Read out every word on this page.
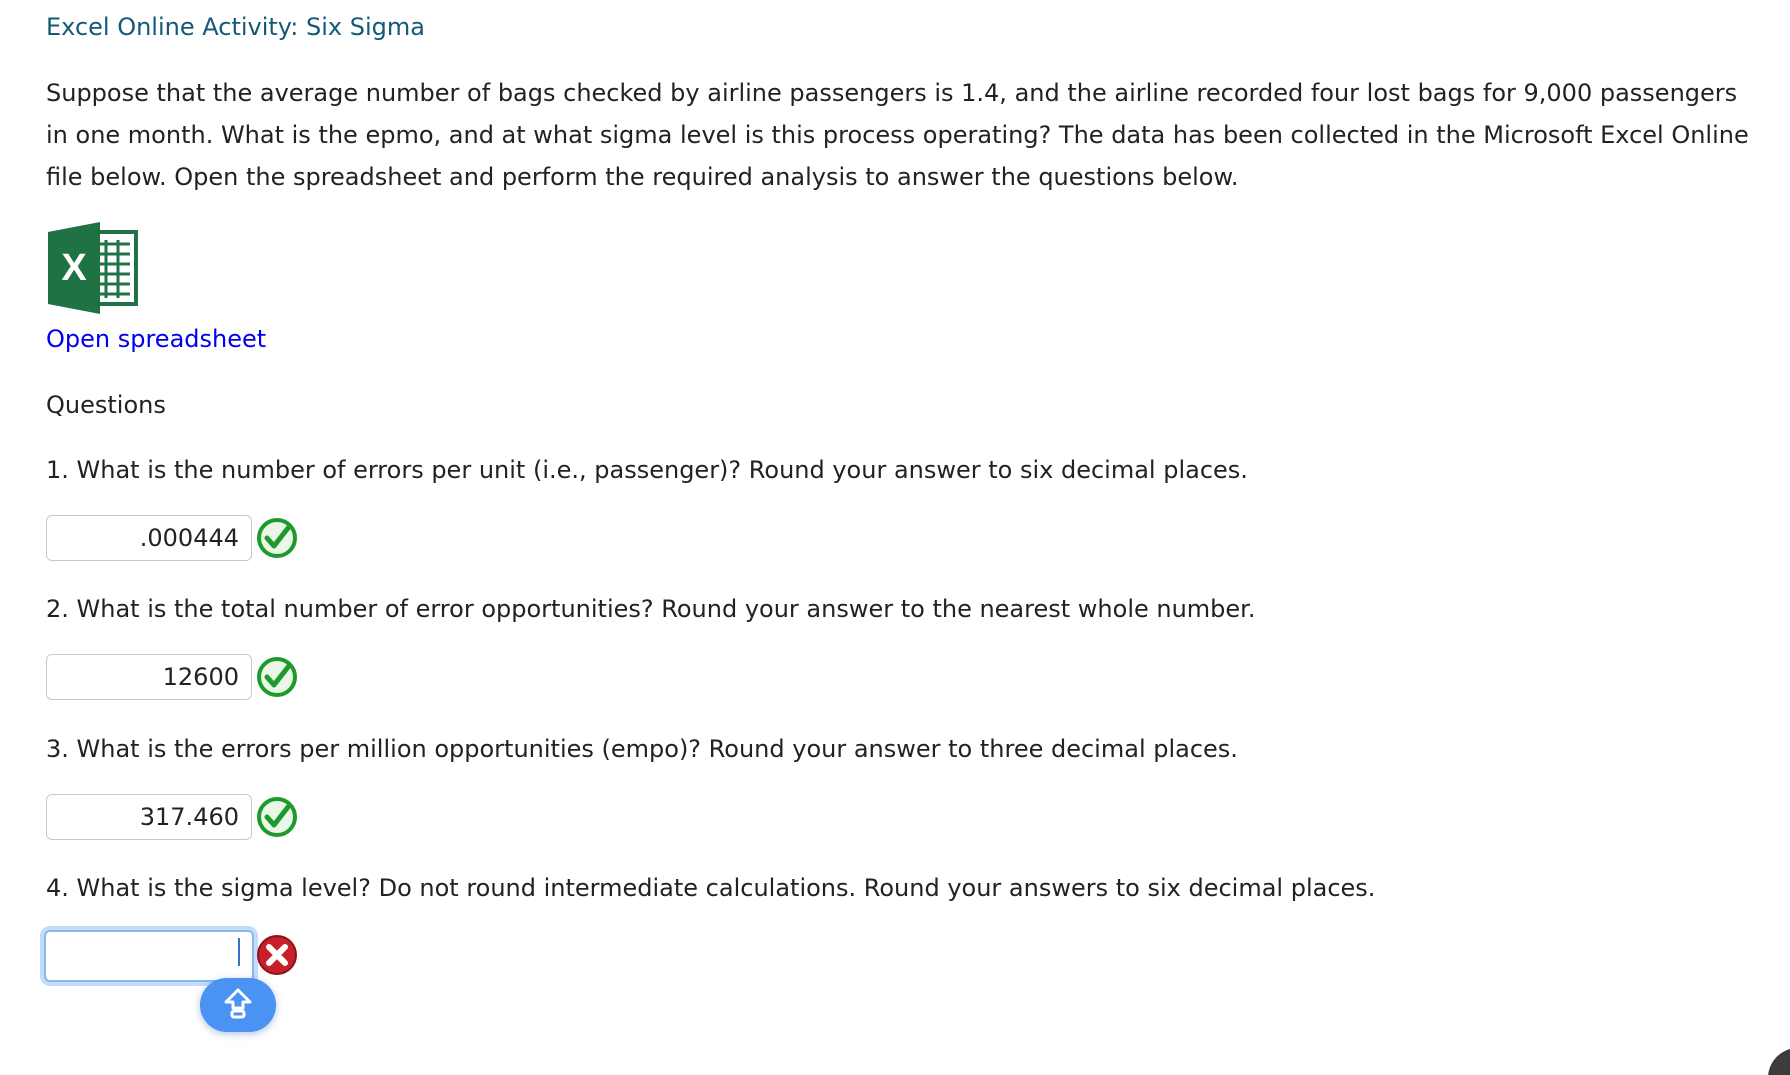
Excel Online Activity: Six Sigma

Suppose that the average number of bags checked by airline passengers is 1.4, and the airline recorded four lost bags for 9,000 passengers in one month. What is the epmo, and at what sigma level is this process operating? The data has been collected in the Microsoft Excel Online file below. Open the spreadsheet and perform the required analysis to answer the questions below.

X
Open spreadsheet
Questions

1. What is the number of errors per unit (i.e., passenger)? Round your answer to six decimal places.

.000444

2. What is the total number of error opportunities? Round your answer to the nearest whole number.

12600

3. What is the errors per million opportunities (empo)? Round your answer to three decimal places.

317.460

4. What is the sigma level? Do not round intermediate calculations. Round your answers to six decimal places.
